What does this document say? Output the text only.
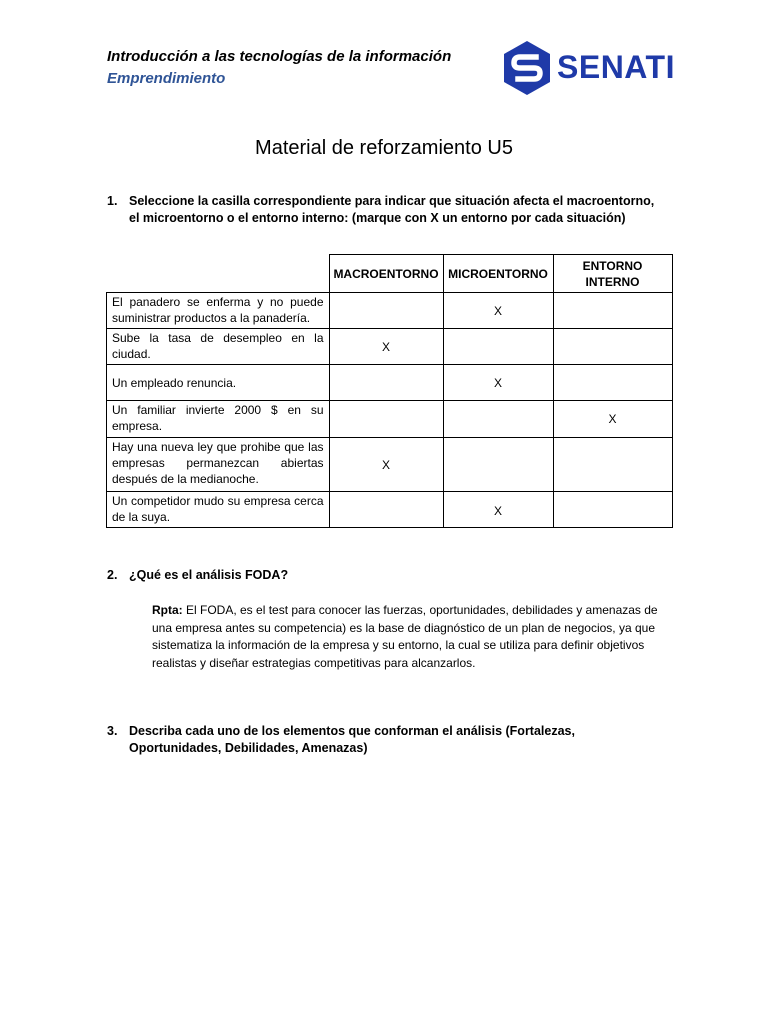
Introducción a las tecnologías de la información
Emprendimiento	SENATI
Material de reforzamiento U5
1. Seleccione la casilla correspondiente para indicar que situación afecta el macroentorno, el microentorno o el entorno interno: (marque con X un entorno por cada situación)
	MACROENTORNO	MICROENTORNO	ENTORNO INTERNO
El panadero se enferma y no puede suministrar productos a la panadería.		X	
Sube la tasa de desempleo en la ciudad.	X		
Un empleado renuncia.		X	
Un familiar invierte 2000 $ en su empresa.			X
Hay una nueva ley que prohibe que las empresas permanezcan abiertas después de la medianoche.	X		
Un competidor mudo su empresa cerca de la suya.		X	
2. ¿Qué es el análisis FODA?
Rpta: El FODA, es el test para conocer las fuerzas, oportunidades, debilidades y amenazas de una empresa antes su competencia) es la base de diagnóstico de un plan de negocios, ya que sistematiza la información de la empresa y su entorno, la cual se utiliza para definir objetivos realistas y diseñar estrategias competitivas para alcanzarlos.
3. Describa cada uno de los elementos que conforman el análisis (Fortalezas, Oportunidades, Debilidades, Amenazas)
